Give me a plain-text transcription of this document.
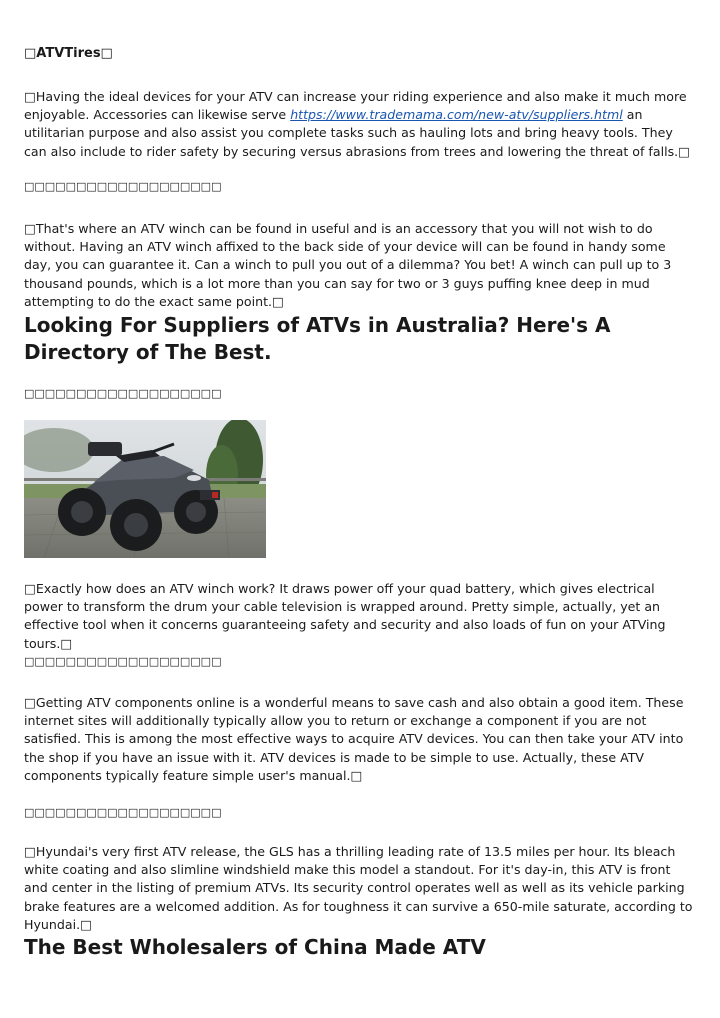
□ATVTires□

□Having the ideal devices for your ATV can increase your riding experience and also make it much more enjoyable. Accessories can likewise serve https://www.trademama.com/new-atv/suppliers.html an utilitarian purpose and also assist you complete tasks such as hauling lots and bring heavy tools. They can also include to rider safety by securing versus abrasions from trees and lowering the threat of falls.□

□□□□□□□□□□□□□□□□□□□

□That's where an ATV winch can be found in useful and is an accessory that you will not wish to do without. Having an ATV winch affixed to the back side of your device will can be found in handy some day, you can guarantee it. Can a winch to pull you out of a dilemma? You bet! A winch can pull up to 3 thousand pounds, which is a lot more than you can say for two or 3 guys puffing knee deep in mud attempting to do the exact same point.□

Looking For Suppliers of ATVs in Australia? Here's A Directory of The Best.
□□□□□□□□□□□□□□□□□□□

□Exactly how does an ATV winch work? It draws power off your quad battery, which gives electrical power to transform the drum your cable television is wrapped around. Pretty simple, actually, yet an effective tool when it concerns guaranteeing safety and security and also loads of fun on your ATVing tours.□

□□□□□□□□□□□□□□□□□□□

□Getting ATV components online is a wonderful means to save cash and also obtain a good item. These internet sites will additionally typically allow you to return or exchange a component if you are not satisfied. This is among the most effective ways to acquire ATV devices. You can then take your ATV into the shop if you have an issue with it. ATV devices is made to be simple to use. Actually, these ATV components typically feature simple user's manual.□

□□□□□□□□□□□□□□□□□□□

□Hyundai's very first ATV release, the GLS has a thrilling leading rate of 13.5 miles per hour. Its bleach white coating and also slimline windshield make this model a standout. For it's day-in, this ATV is front and center in the listing of premium ATVs. Its security control operates well as well as its vehicle parking brake features are a welcomed addition. As for toughness it can survive a 650-mile saturate, according to Hyundai.□

The Best Wholesalers of China Made ATV
